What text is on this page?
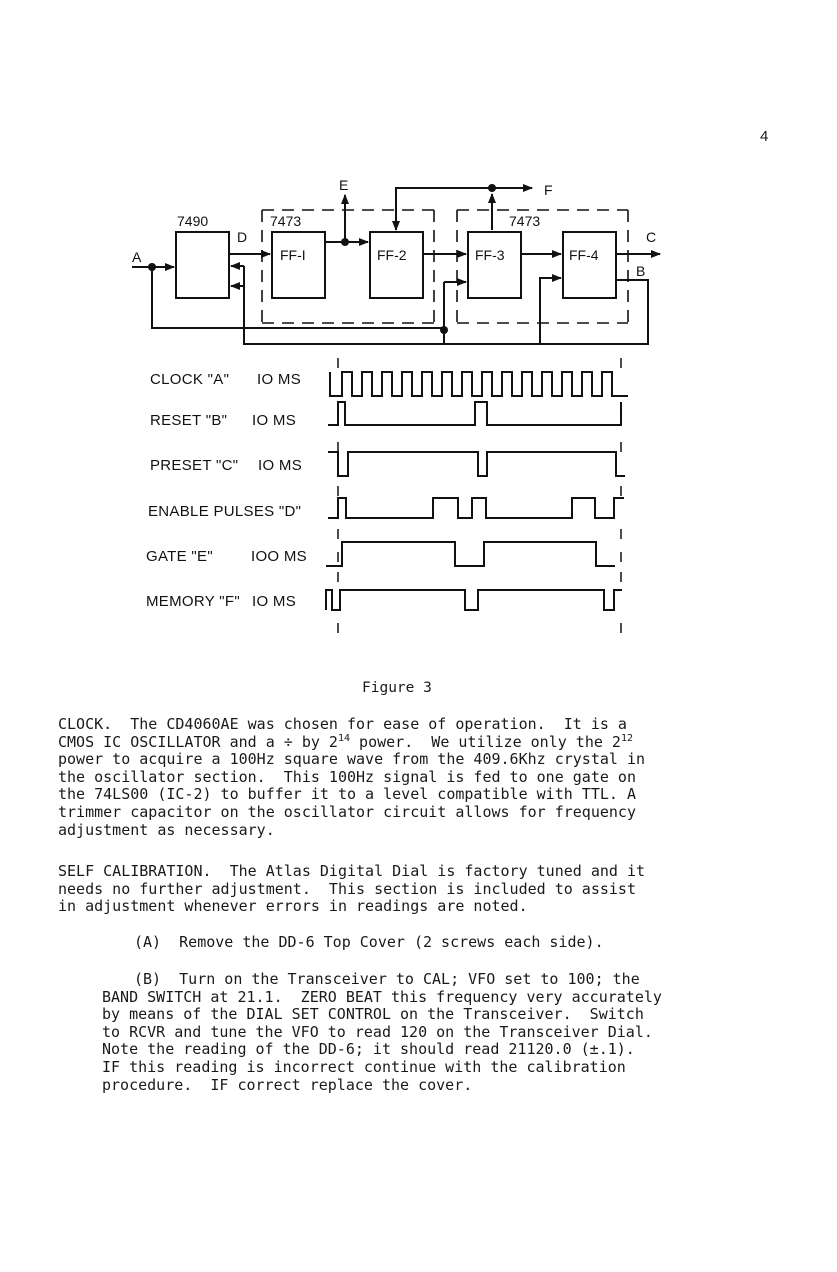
4
7490	7473	7473
FF-I	FF-2	FF-3	FF-4
A
B
C
D
E	F
CLOCK "A" IO MS
RESET "B" IO MS
PRESET "C" IO MS
ENABLE PULSES "D"
GATE "E"	IOO MS
MEMORY "F" IO MS
Figure 3
CLOCK.  The CD4060AE was chosen for ease of operation.  It is a
CMOS IC OSCILLATOR and a ÷ by $2^{14}$ power.  We utilize only the $2^{12}$
power to acquire a 100Hz square wave from the 409.6Khz crystal in
the oscillator section.  This 100Hz signal is fed to one gate on
the 74LS00 (IC-2) to buffer it to a level compatible with TTL. A
trimmer capacitor on the oscillator circuit allows for frequency
adjustment as necessary.
SELF CALIBRATION.  The Atlas Digital Dial is factory tuned and it
needs no further adjustment.  This section is included to assist
in adjustment whenever errors in readings are noted.
(A)  Remove the DD-6 Top Cover (2 screws each side).
(B)  Turn on the Transceiver to CAL; VFO set to 100; the
BAND SWITCH at 21.1.  ZERO BEAT this frequency very accurately
by means of the DIAL SET CONTROL on the Transceiver.  Switch
to RCVR and tune the VFO to read 120 on the Transceiver Dial.
Note the reading of the DD-6; it should read 21120.0 (±.1).
IF this reading is incorrect continue with the calibration
procedure.  IF correct replace the cover.
